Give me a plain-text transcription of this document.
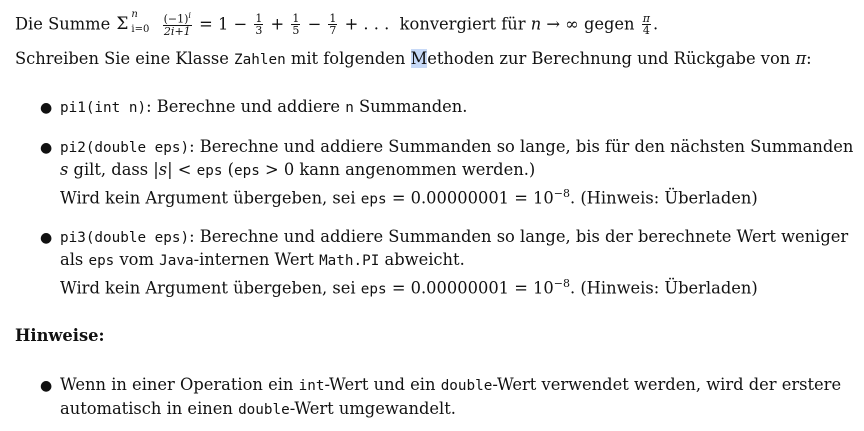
Die Summe Σ n
i=0
$\frac{(-1)^i}{2i+1} = 1 - \frac{1}{3} + \frac{1}{5} - \frac{1}{7}$ + . . . konvergiert für n → ∞ gegen $\frac{\pi}{4}$ .
Schreiben Sie eine Klasse Zahlen mit folgenden Methoden zur Berechnung und Rückgabe von π:
● pi1(int n): Berechne und addiere n Summanden.
● pi2(double eps): Berechne und addiere Summanden so lange, bis für den nächsten Summanden
s gilt, dass |s| < eps (eps > 0 kann angenommen werden.)
Wird kein Argument übergeben, sei eps = $0.00000001 = 10^{-8}$. (Hinweis: Überladen)
● pi3(double eps): Berechne und addiere Summanden so lange, bis der berechnete Wert weniger
als eps vom Java-internen Wert Math.PI abweicht.
Wird kein Argument übergeben, sei eps = $0.00000001 = 10^{-8}$. (Hinweis: Überladen)
Hinweise:
● Wenn in einer Operation ein int-Wert und ein double-Wert verwendet werden, wird der erstere
automatisch in einen double-Wert umgewandelt.
